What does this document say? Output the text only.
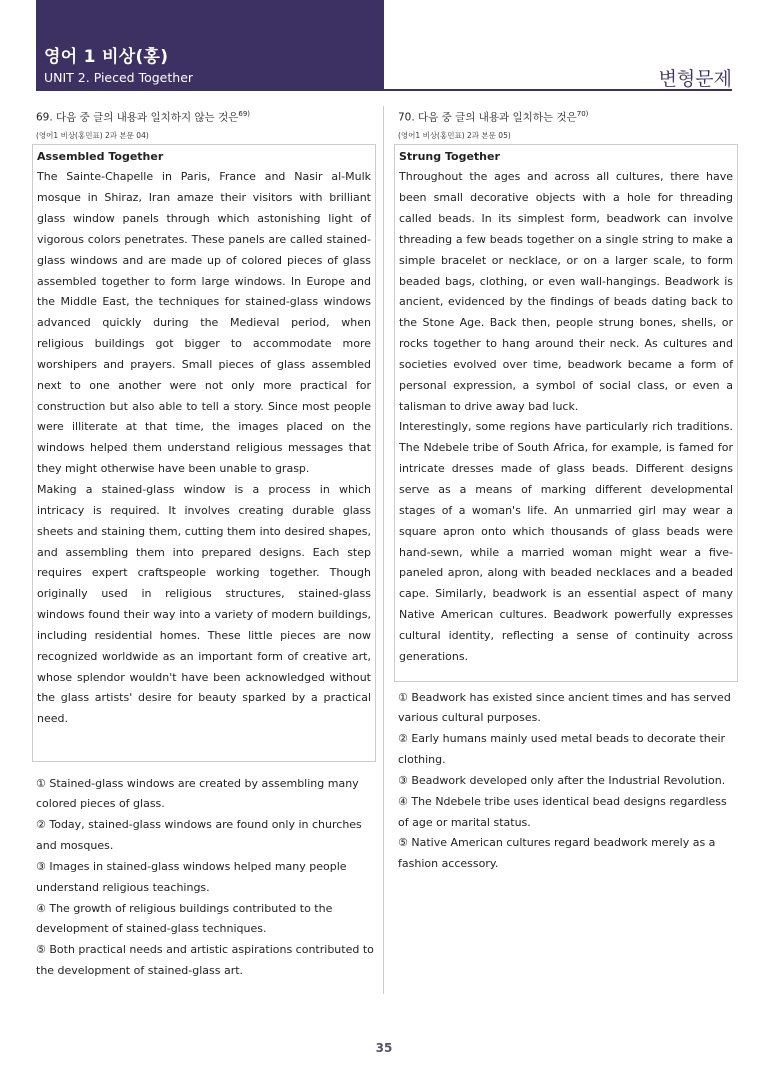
영어 1 비상(홍)
UNIT 2. Pieced Together	변형문제
69. 다음 중 글의 내용과 일치하지 않는 것은$^{69)}$
(영어1 비상(홍민표) 2과 본문 04)
Assembled Together

The Sainte-Chapelle in Paris, France and Nasir al-Mulk mosque in Shiraz, Iran amaze their visitors with brilliant glass window panels through which astonishing light of vigorous colors penetrates. These panels are called stained-glass windows and are made up of colored pieces of glass assembled together to form large windows. In Europe and the Middle East, the techniques for stained-glass windows advanced quickly during the Medieval period, when religious buildings got bigger to accommodate more worshipers and prayers. Small pieces of glass assembled next to one another were not only more practical for construction but also able to tell a story. Since most people were illiterate at that time, the images placed on the windows helped them understand religious messages that they might otherwise have been unable to grasp.

Making a stained-glass window is a process in which intricacy is required. It involves creating durable glass sheets and staining them, cutting them into desired shapes, and assembling them into prepared designs. Each step requires expert craftspeople working together. Though originally used in religious structures, stained-glass windows found their way into a variety of modern buildings, including residential homes. These little pieces are now recognized worldwide as an important form of creative art, whose splendor wouldn't have been acknowledged without the glass artists' desire for beauty sparked by a practical need.

① Stained-glass windows are created by assembling many colored pieces of glass.
② Today, stained-glass windows are found only in churches and mosques.
③ Images in stained-glass windows helped many people understand religious teachings.
④ The growth of religious buildings contributed to the development of stained-glass techniques.
⑤ Both practical needs and artistic aspirations contributed to the development of stained-glass art.
70. 다음 중 글의 내용과 일치하는 것은$^{70)}$
(영어1 비상(홍민표) 2과 본문 05)
Strung Together

Throughout the ages and across all cultures, there have been small decorative objects with a hole for threading called beads. In its simplest form, beadwork can involve threading a few beads together on a single string to make a simple bracelet or necklace, or on a larger scale, to form beaded bags, clothing, or even wall-hangings. Beadwork is ancient, evidenced by the findings of beads dating back to the Stone Age. Back then, people strung bones, shells, or rocks together to hang around their neck. As cultures and societies evolved over time, beadwork became a form of personal expression, a symbol of social class, or even a talisman to drive away bad luck.

Interestingly, some regions have particularly rich traditions. The Ndebele tribe of South Africa, for example, is famed for intricate dresses made of glass beads. Different designs serve as a means of marking different developmental stages of a woman's life. An unmarried girl may wear a square apron onto which thousands of glass beads were hand-sewn, while a married woman might wear a five-paneled apron, along with beaded necklaces and a beaded cape. Similarly, beadwork is an essential aspect of many Native American cultures. Beadwork powerfully expresses cultural identity, reflecting a sense of continuity across generations.

① Beadwork has existed since ancient times and has served various cultural purposes.
② Early humans mainly used metal beads to decorate their clothing.
③ Beadwork developed only after the Industrial Revolution.
④ The Ndebele tribe uses identical bead designs regardless of age or marital status.
⑤ Native American cultures regard beadwork merely as a fashion accessory.
35
